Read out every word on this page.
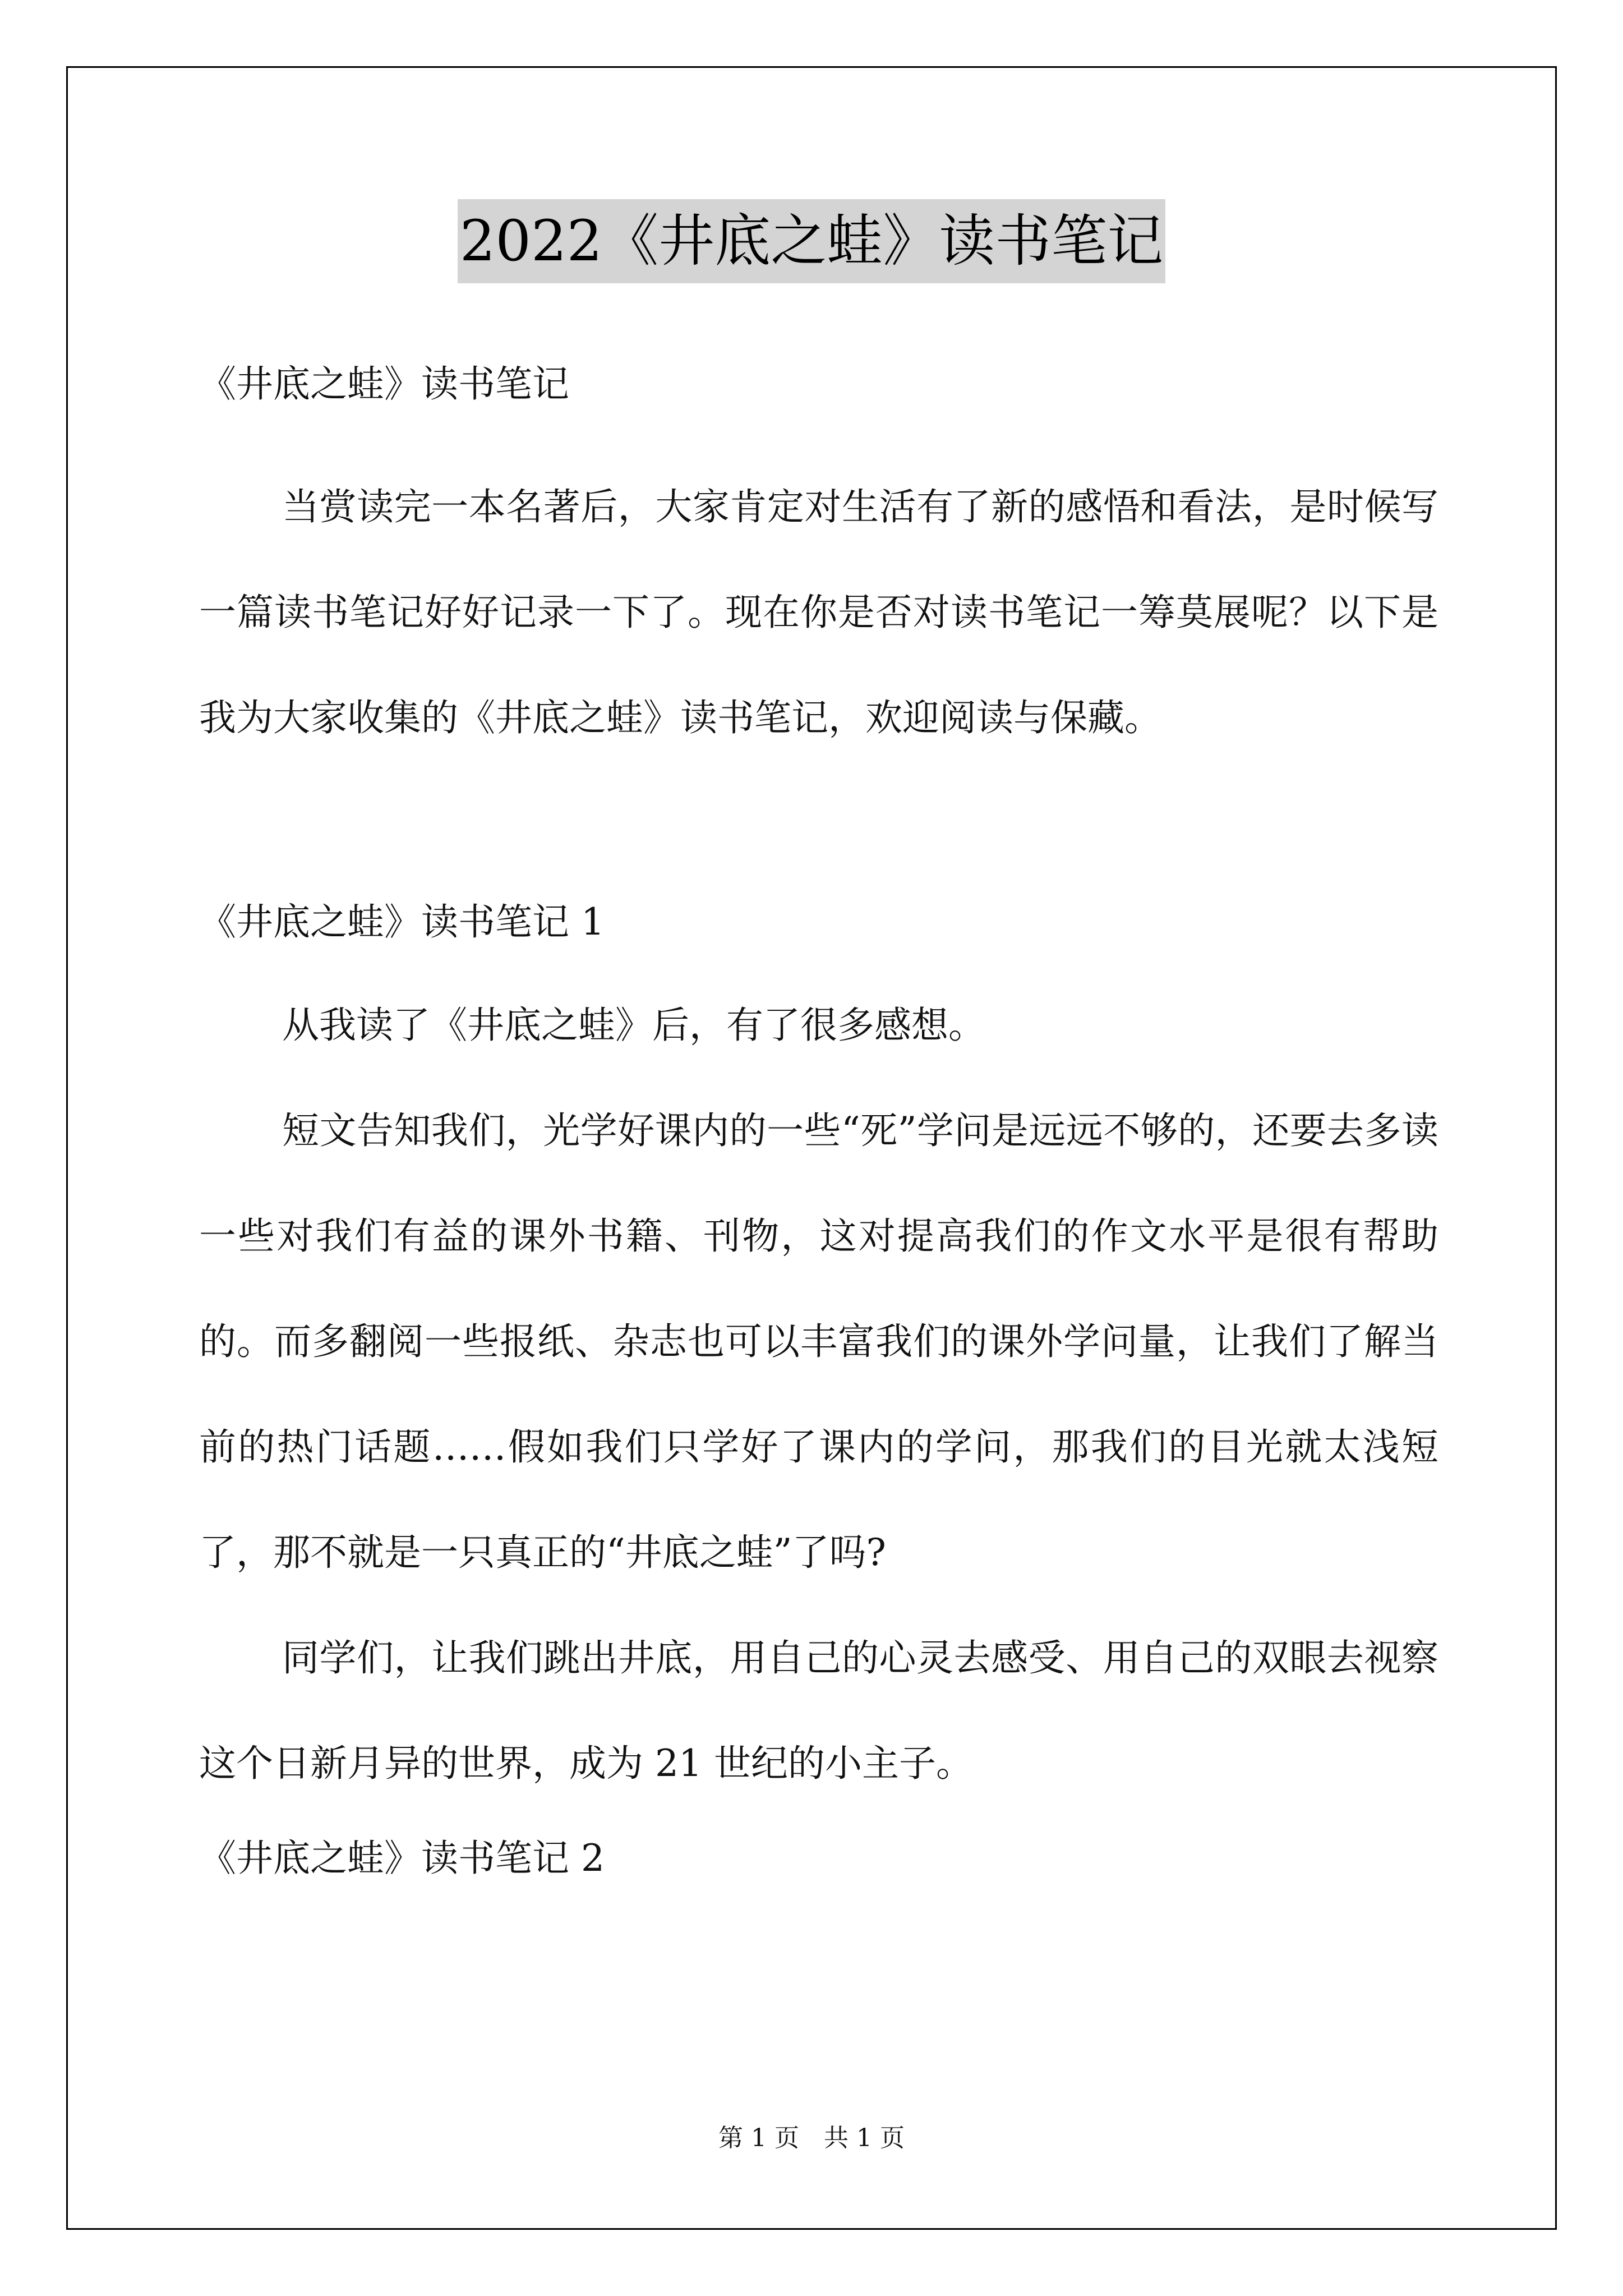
2022《井底之蛙》读书笔记
《井底之蛙》读书笔记

当赏读完一本名著后，大家肯定对生活有了新的感悟和看法，是时候写一篇读书笔记好好记录一下了。现在你是否对读书笔记一筹莫展呢？以下是我为大家收集的《井底之蛙》读书笔记，欢迎阅读与保藏。

《井底之蛙》读书笔记 1

从我读了《井底之蛙》后，有了很多感想。

短文告知我们，光学好课内的一些“死”学问是远远不够的，还要去多读一些对我们有益的课外书籍、刊物，这对提高我们的作文水平是很有帮助的。而多翻阅一些报纸、杂志也可以丰富我们的课外学问量，让我们了解当前的热门话题……假如我们只学好了课内的学问，那我们的目光就太浅短了，那不就是一只真正的“井底之蛙”了吗?

同学们，让我们跳出井底，用自己的心灵去感受、用自己的双眼去视察这个日新月异的世界，成为 21 世纪的小主子。

《井底之蛙》读书笔记 2
第 1 页　共 1 页
